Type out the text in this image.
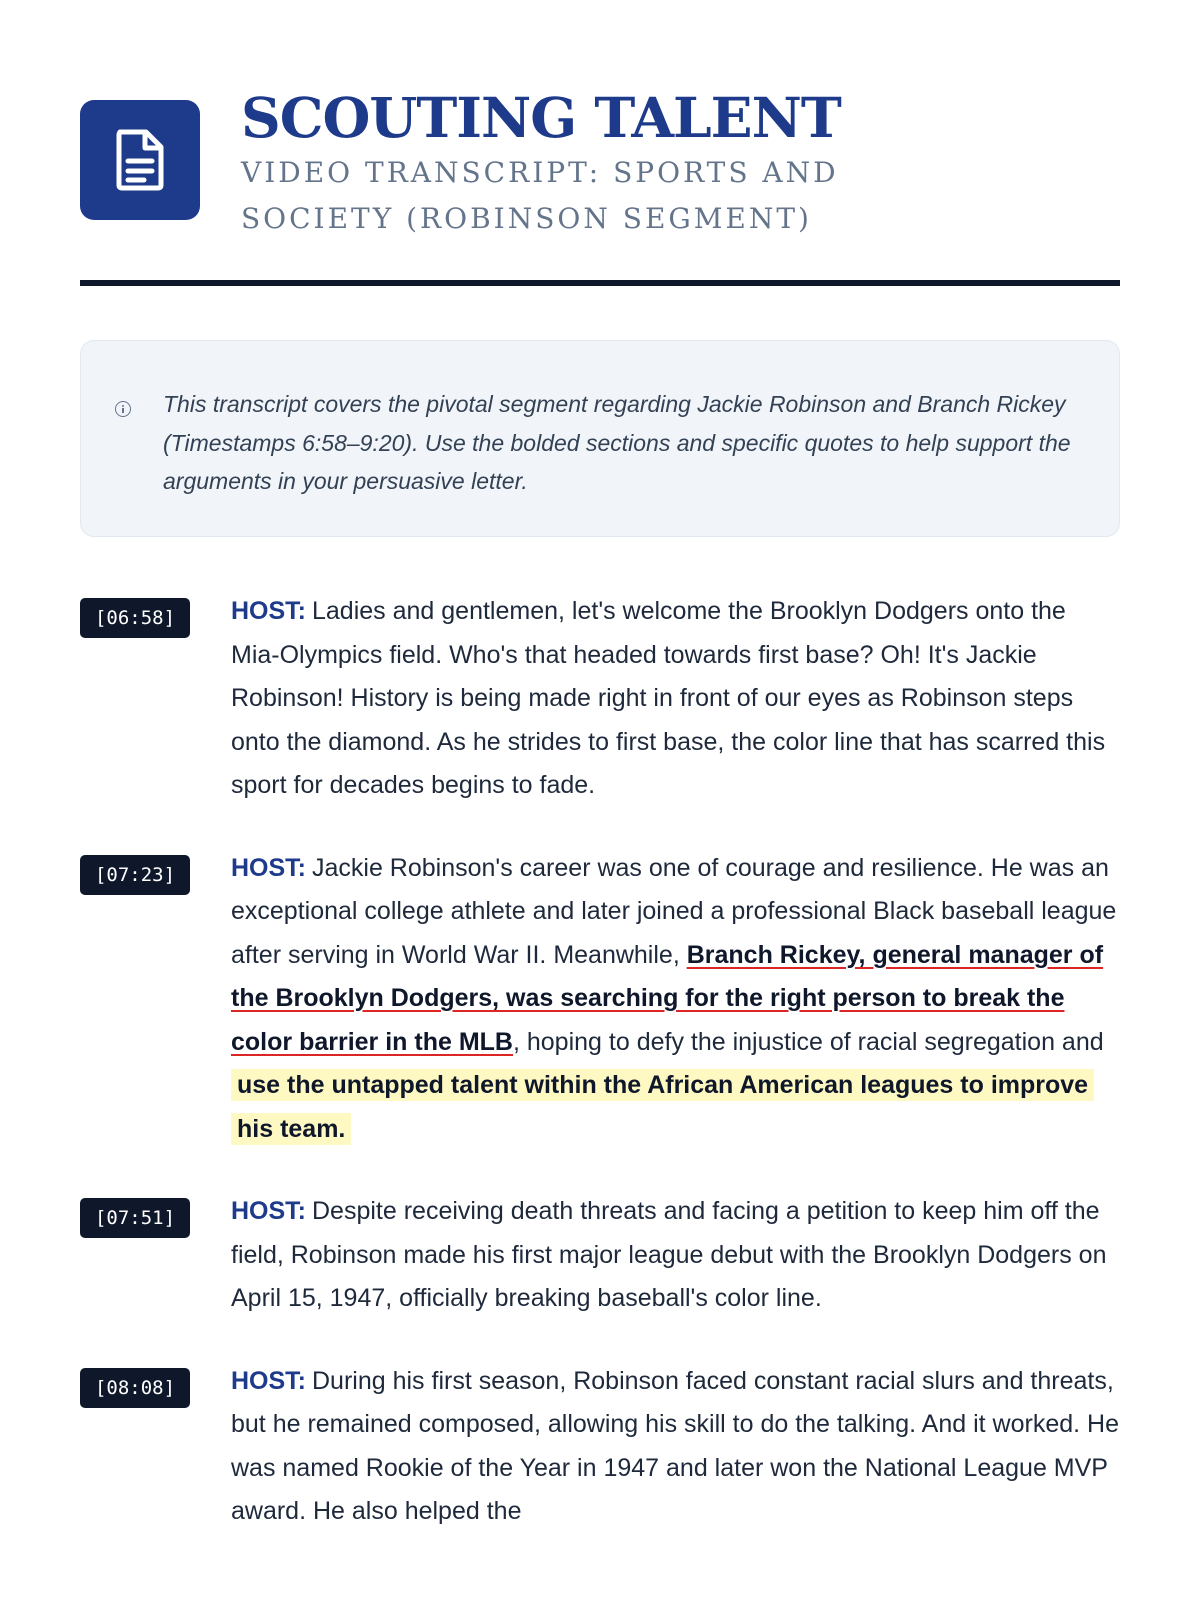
SCOUTING TALENT
VIDEO TRANSCRIPT: SPORTS AND SOCIETY (ROBINSON SEGMENT)

This transcript covers the pivotal segment regarding Jackie Robinson and Branch Rickey (Timestamps 6:58–9:20). Use the bolded sections and specific quotes to help support the arguments in your persuasive letter.

[06:58]	HOST: Ladies and gentlemen, let's welcome the Brooklyn Dodgers onto the Mia-Olympics field. Who's that headed towards first base? Oh! It's Jackie Robinson! History is being made right in front of our eyes as Robinson steps onto the diamond. As he strides to first base, the color line that has scarred this sport for decades begins to fade.

[07:23]	HOST: Jackie Robinson's career was one of courage and resilience. He was an exceptional college athlete and later joined a professional Black baseball league after serving in World War II. Meanwhile, Branch Rickey, general manager of the Brooklyn Dodgers, was searching for the right person to break the color barrier in the MLB, hoping to defy the injustice of racial segregation and use the untapped talent within the African American leagues to improve his team.

[07:51]	HOST: Despite receiving death threats and facing a petition to keep him off the field, Robinson made his first major league debut with the Brooklyn Dodgers on April 15, 1947, officially breaking baseball's color line.

[08:08]	HOST: During his first season, Robinson faced constant racial slurs and threats, but he remained composed, allowing his skill to do the talking. And it worked. He was named Rookie of the Year in 1947 and later won the National League MVP award. He also helped the
